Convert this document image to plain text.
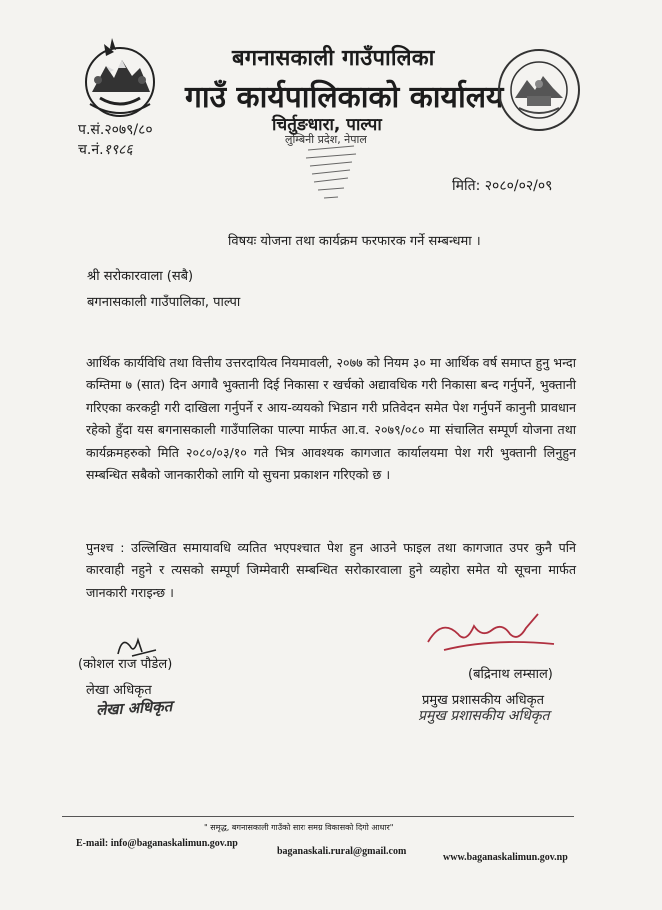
बगनासकाली गाउँपालिका
गाउँ कार्यपालिकाको कार्यालय
चिर्तुङधारा, पाल्पा
लुम्बिनी प्रदेश, नेपाल
प.सं.२०७९/८०
च.नं.१९८६
मिति: २०८०/०२/०९
विषयः योजना तथा कार्यक्रम फरफारक गर्ने सम्बन्धमा ।
श्री सरोकारवाला (सबै)
बगनासकाली गाउँपालिका, पाल्पा
आर्थिक कार्यविधि तथा वित्तीय उत्तरदायित्व नियमावली, २०७७ को नियम ३० मा आर्थिक वर्ष समाप्त हुनु भन्दा कम्तिमा ७ (सात) दिन अगावै भुक्तानी दिई निकासा र खर्चको अद्यावधिक गरी निकासा बन्द गर्नुपर्ने, भुक्तानी गरिएका करकट्टी गरी दाखिला गर्नुपर्ने र आय-व्ययको भिडान गरी प्रतिवेदन समेत पेश गर्नुपर्ने कानुनी प्रावधान रहेको हुँदा यस बगनासकाली गाउँपालिका पाल्पा मार्फत आ.व. २०७९/०८० मा संचालित सम्पूर्ण योजना तथा कार्यक्रमहरुको मिति २०८०/०३/१० गते भित्र आवश्यक कागजात कार्यालयमा पेश गरी भुक्तानी लिनुहुन सम्बन्धित सबैको जानकारीको लागि यो सुचना प्रकाशन गरिएको छ ।
पुनश्च : उल्लिखित समायावधि व्यतित भएपश्चात पेश हुन आउने फाइल तथा कागजात उपर कुनै पनि कारवाही नहुने र त्यसको सम्पूर्ण जिम्मेवारी सम्बन्धित सरोकारवाला हुने व्यहोरा समेत यो सूचना मार्फत जानकारी गराइन्छ ।
(कोशल राज पौडेल)
लेखा अधिकृत
लेखा अधिकृत
(बद्रिनाथ लम्साल)
प्रमुख प्रशासकीय अधिकृत
प्रमुख प्रशासकीय अधिकृत
" समृद्ध, बगनासकाली गाउँको सारः समग्र विकासको दिगो आधार"
E-mail: info@baganaskalimun.gov.np
baganaskali.rural@gmail.com
www.baganaskalimun.gov.np
